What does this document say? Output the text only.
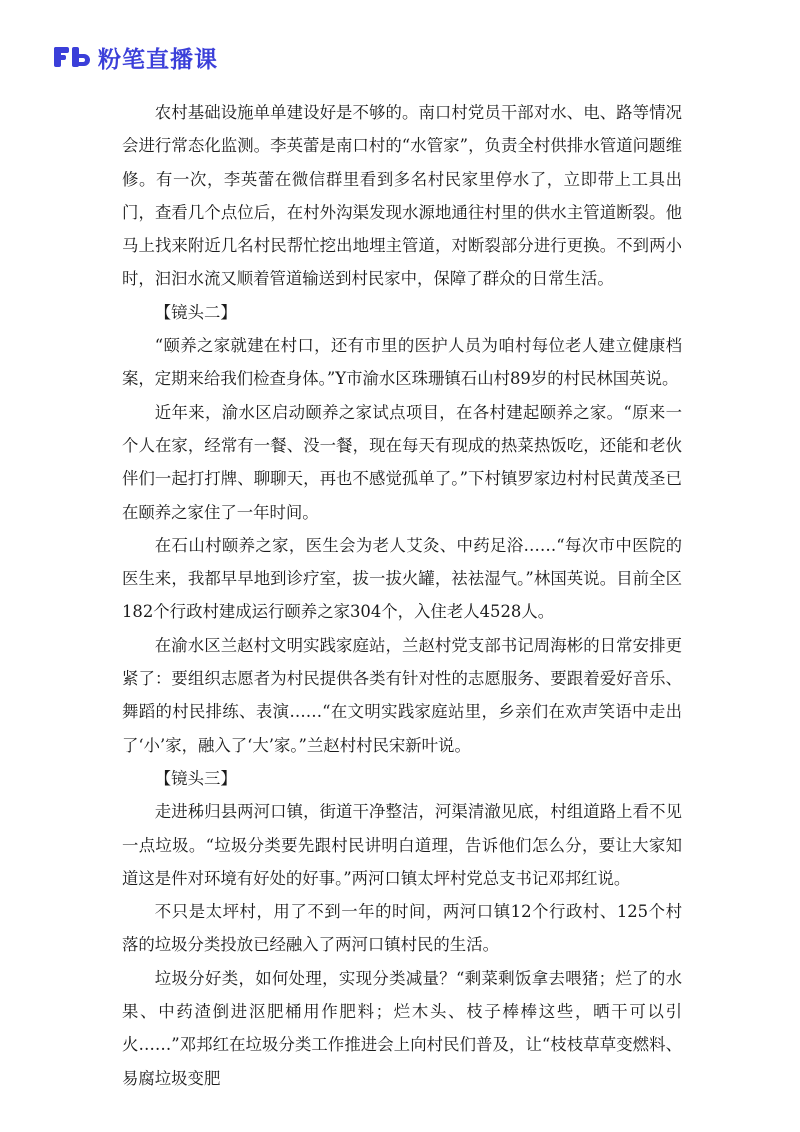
粉笔直播课

农村基础设施单单建设好是不够的。南口村党员干部对水、电、路等情况会进行常态化监测。李英蕾是南口村的“水管家”，负责全村供排水管道问题维修。有一次，李英蕾在微信群里看到多名村民家里停水了，立即带上工具出门，查看几个点位后，在村外沟渠发现水源地通往村里的供水主管道断裂。他马上找来附近几名村民帮忙挖出地埋主管道，对断裂部分进行更换。不到两小时，汩汩水流又顺着管道输送到村民家中，保障了群众的日常生活。

【镜头二】

“颐养之家就建在村口，还有市里的医护人员为咱村每位老人建立健康档案，定期来给我们检查身体。”Y市渝水区珠珊镇石山村89岁的村民林国英说。

近年来，渝水区启动颐养之家试点项目，在各村建起颐养之家。“原来一个人在家，经常有一餐、没一餐，现在每天有现成的热菜热饭吃，还能和老伙伴们一起打打牌、聊聊天，再也不感觉孤单了。”下村镇罗家边村村民黄茂圣已在颐养之家住了一年时间。

在石山村颐养之家，医生会为老人艾灸、中药足浴……“每次市中医院的医生来，我都早早地到诊疗室，拔一拔火罐，祛祛湿气。”林国英说。目前全区182个行政村建成运行颐养之家304个，入住老人4528人。

在渝水区兰赵村文明实践家庭站，兰赵村党支部书记周海彬的日常安排更紧了：要组织志愿者为村民提供各类有针对性的志愿服务、要跟着爱好音乐、舞蹈的村民排练、表演……“在文明实践家庭站里，乡亲们在欢声笑语中走出了‘小’家，融入了‘大’家。”兰赵村村民宋新叶说。

【镜头三】

走进秭归县两河口镇，街道干净整洁，河渠清澈见底，村组道路上看不见一点垃圾。“垃圾分类要先跟村民讲明白道理，告诉他们怎么分，要让大家知道这是件对环境有好处的好事。”两河口镇太坪村党总支书记邓邦红说。

不只是太坪村，用了不到一年的时间，两河口镇12个行政村、125个村落的垃圾分类投放已经融入了两河口镇村民的生活。

垃圾分好类，如何处理，实现分类减量？“剩菜剩饭拿去喂猪；烂了的水果、中药渣倒进沤肥桶用作肥料；烂木头、枝子棒棒这些，晒干可以引火……”邓邦红在垃圾分类工作推进会上向村民们普及，让“枝枝草草变燃料、易腐垃圾变肥
